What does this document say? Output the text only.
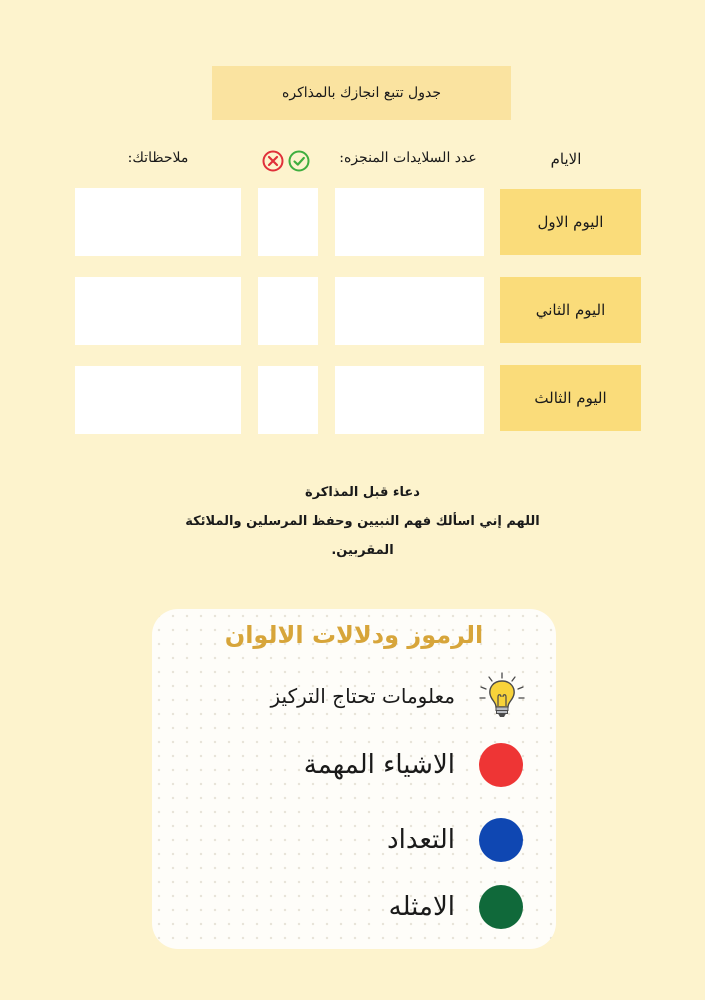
جدول تتبع انجازك بالمذاكره
الايام
عدد السلايدات المنجزه:
ملاحظاتك:
اليوم الاول
اليوم الثاني
اليوم الثالث
دعاء قبل المذاكرة
اللهم إني اسألك فهم النبيين وحفظ المرسلين والملائكة
المقربين.
الرموز ودلالات الالوان
معلومات تحتاج التركيز
الاشياء المهمة
التعداد
الامثله
